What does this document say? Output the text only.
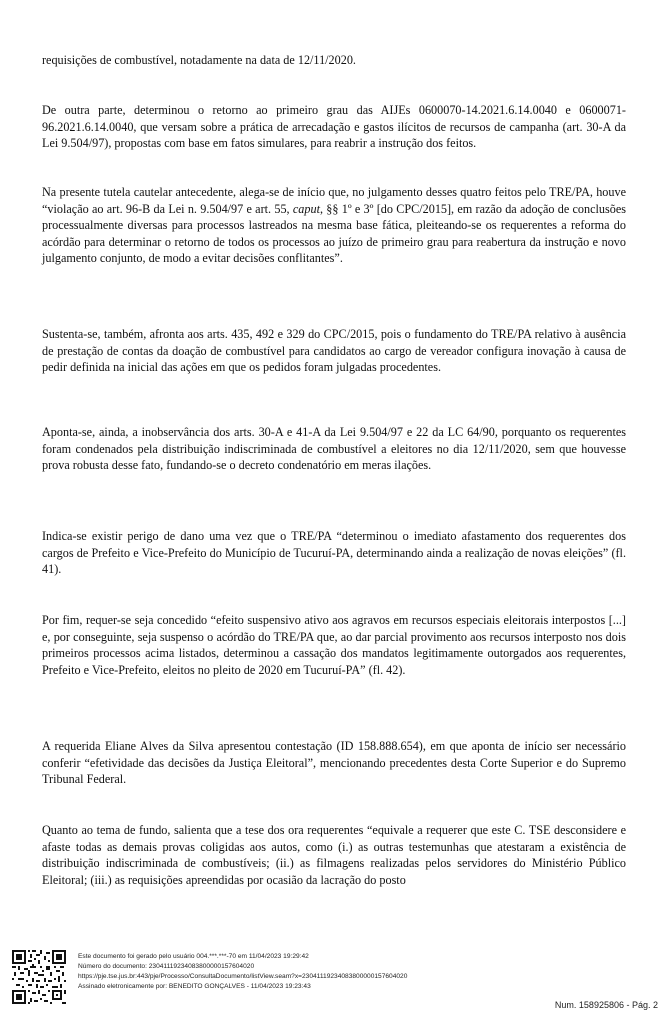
requisições de combustível, notadamente na data de 12/11/2020.

De outra parte, determinou o retorno ao primeiro grau das AIJEs 0600070-14.2021.6.14.0040 e 0600071-96.2021.6.14.0040, que versam sobre a prática de arrecadação e gastos ilícitos de recursos de campanha (art. 30-A da Lei 9.504/97), propostas com base em fatos simulares, para reabrir a instrução dos feitos.

Na presente tutela cautelar antecedente, alega-se de início que, no julgamento desses quatro feitos pelo TRE/PA, houve “violação ao art. 96-B da Lei n. 9.504/97 e art. 55, caput, §§ 1º e 3º [do CPC/2015], em razão da adoção de conclusões processualmente diversas para processos lastreados na mesma base fática, pleiteando-se os requerentes a reforma do acórdão para determinar o retorno de todos os processos ao juízo de primeiro grau para reabertura da instrução e novo julgamento conjunto, de modo a evitar decisões conflitantes”.

Sustenta-se, também, afronta aos arts. 435, 492 e 329 do CPC/2015, pois o fundamento do TRE/PA relativo à ausência de prestação de contas da doação de combustível para candidatos ao cargo de vereador configura inovação à causa de pedir definida na inicial das ações em que os pedidos foram julgadas procedentes.

Aponta-se, ainda, a inobservância dos arts. 30-A e 41-A da Lei 9.504/97 e 22 da LC 64/90, porquanto os requerentes foram condenados pela distribuição indiscriminada de combustível a eleitores no dia 12/11/2020, sem que houvesse prova robusta desse fato, fundando-se o decreto condenatório em meras ilações.

Indica-se existir perigo de dano uma vez que o TRE/PA “determinou o imediato afastamento dos requerentes dos cargos de Prefeito e Vice-Prefeito do Município de Tucuruí-PA, determinando ainda a realização de novas eleições” (fl. 41).

Por fim, requer-se seja concedido “efeito suspensivo ativo aos agravos em recursos especiais eleitorais interpostos [...] e, por conseguinte, seja suspenso o acórdão do TRE/PA que, ao dar parcial provimento aos recursos interposto nos dois primeiros processos acima listados, determinou a cassação dos mandatos legitimamente outorgados aos requerentes, Prefeito e Vice-Prefeito, eleitos no pleito de 2020 em Tucuruí-PA” (fl. 42).

A requerida Eliane Alves da Silva apresentou contestação (ID 158.888.654), em que aponta de início ser necessário conferir “efetividade das decisões da Justiça Eleitoral”, mencionando precedentes desta Corte Superior e do Supremo Tribunal Federal.

Quanto ao tema de fundo, salienta que a tese dos ora requerentes “equivale a requerer que este C. TSE desconsidere e afaste todas as demais provas coligidas aos autos, como (i.) as outras testemunhas que atestaram a existência de distribuição indiscriminada de combustíveis; (ii.) as filmagens realizadas pelos servidores do Ministério Público Eleitoral; (iii.) as requisições apreendidas por ocasião da lacração do posto

Este documento foi gerado pelo usuário 004.***.***-70 em 11/04/2023 19:29:42
Número do documento: 23041119234083800000157604020
https://pje.tse.jus.br:443/pje/Processo/ConsultaDocumento/listView.seam?x=23041119234083800000157604020
Assinado eletronicamente por: BENEDITO GONÇALVES - 11/04/2023 19:23:43
Num. 158925806 - Pág. 2
